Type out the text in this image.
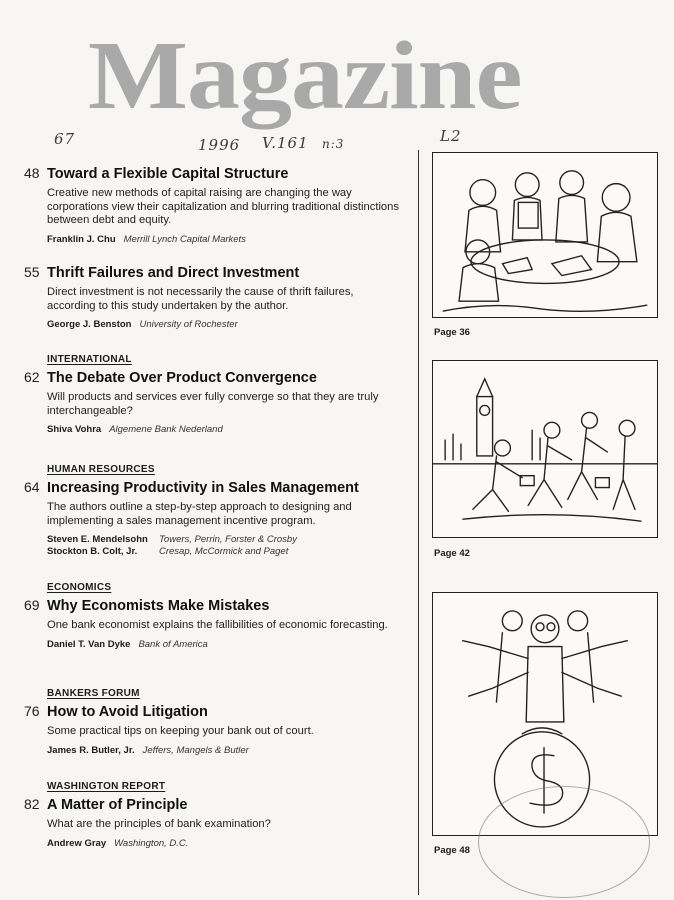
Magazine
67	1996 V.161 n:3	L2
48 Toward a Flexible Capital Structure
Creative new methods of capital raising are changing the way corporations view their capitalization and blurring traditional distinctions between debt and equity.
Franklin J. Chu Merrill Lynch Capital Markets
55 Thrift Failures and Direct Investment
Direct investment is not necessarily the cause of thrift failures, according to this study undertaken by the author.
George J. Benston University of Rochester
INTERNATIONAL
62 The Debate Over Product Convergence
Will products and services ever fully converge so that they are truly interchangeable?
Shiva Vohra Algemene Bank Nederland
HUMAN RESOURCES
64 Increasing Productivity in Sales Management
The authors outline a step-by-step approach to designing and implementing a sales management incentive program.
Steven E. Mendelsohn	Towers, Perrin, Forster & Crosby
Stockton B. Colt, Jr.	Cresap, McCormick and Paget
ECONOMICS
69 Why Economists Make Mistakes
One bank economist explains the fallibilities of economic forecasting.
Daniel T. Van Dyke Bank of America
BANKERS FORUM
76 How to Avoid Litigation
Some practical tips on keeping your bank out of court.
James R. Butler, Jr. Jeffers, Mangels & Butler
WASHINGTON REPORT
82 A Matter of Principle
What are the principles of bank examination?
Andrew Gray Washington, D.C.
Page 36
Page 42
Page 48
